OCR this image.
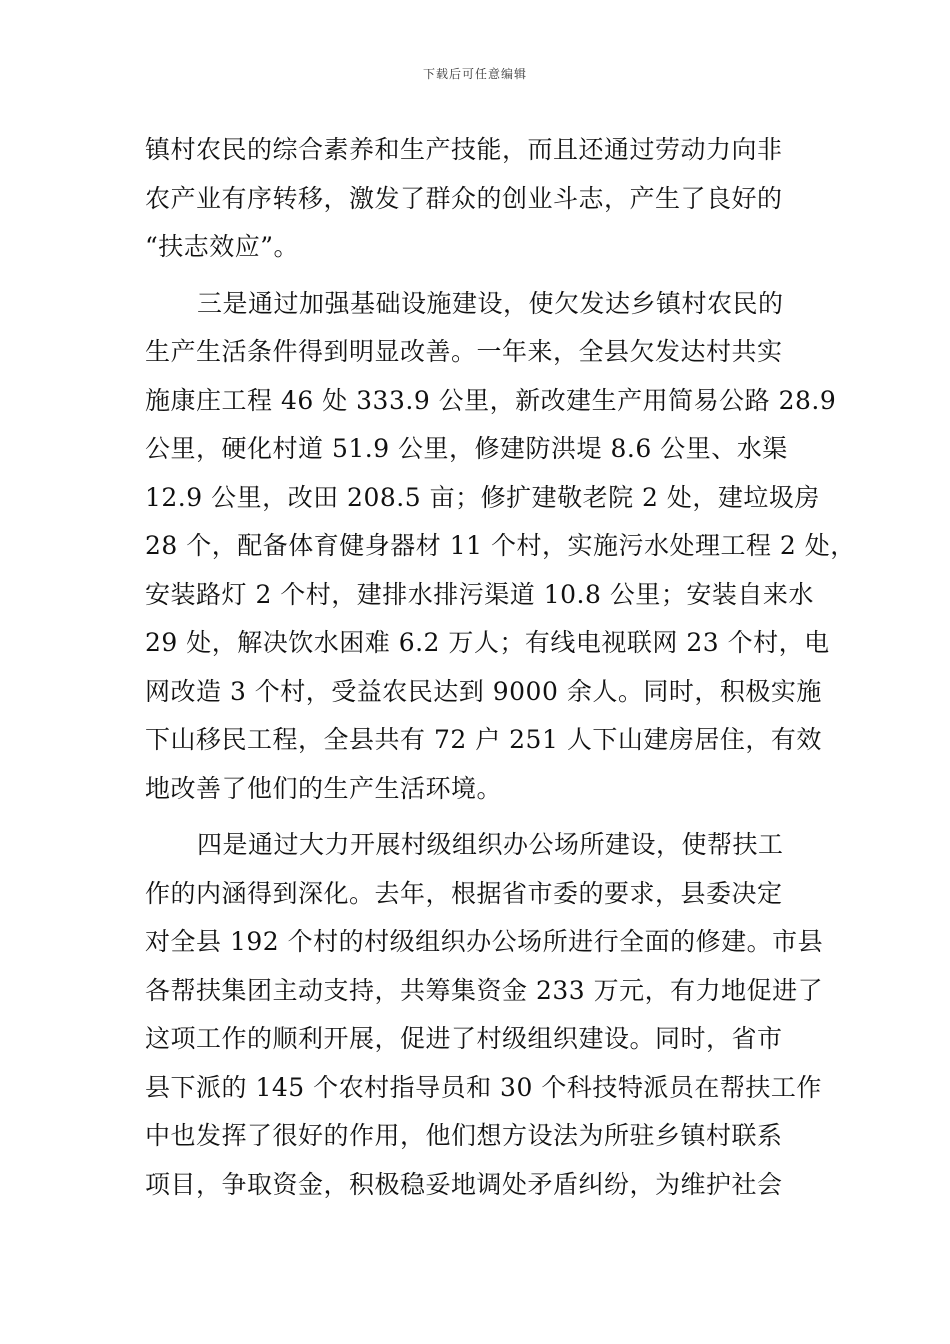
下载后可任意编辑
镇村农民的综合素养和生产技能，而且还通过劳动力向非
农产业有序转移，激发了群众的创业斗志，产生了良好的
“扶志效应”。
三是通过加强基础设施建设，使欠发达乡镇村农民的
生产生活条件得到明显改善。一年来，全县欠发达村共实
施康庄工程 46 处 333.9 公里，新改建生产用简易公路 28.9
公里，硬化村道 51.9 公里，修建防洪堤 8.6 公里、水渠
12.9 公里，改田 208.5 亩；修扩建敬老院 2 处，建垃圾房
28 个，配备体育健身器材 11 个村，实施污水处理工程 2 处，
安装路灯 2 个村，建排水排污渠道 10.8 公里；安装自来水
29 处，解决饮水困难 6.2 万人；有线电视联网 23 个村，电
网改造 3 个村，受益农民达到 9000 余人。同时，积极实施
下山移民工程，全县共有 72 户 251 人下山建房居住，有效
地改善了他们的生产生活环境。
四是通过大力开展村级组织办公场所建设，使帮扶工
作的内涵得到深化。去年，根据省市委的要求，县委决定
对全县 192 个村的村级组织办公场所进行全面的修建。市县
各帮扶集团主动支持，共筹集资金 233 万元，有力地促进了
这项工作的顺利开展，促进了村级组织建设。同时，省市
县下派的 145 个农村指导员和 30 个科技特派员在帮扶工作
中也发挥了很好的作用，他们想方设法为所驻乡镇村联系
项目，争取资金，积极稳妥地调处矛盾纠纷，为维护社会
